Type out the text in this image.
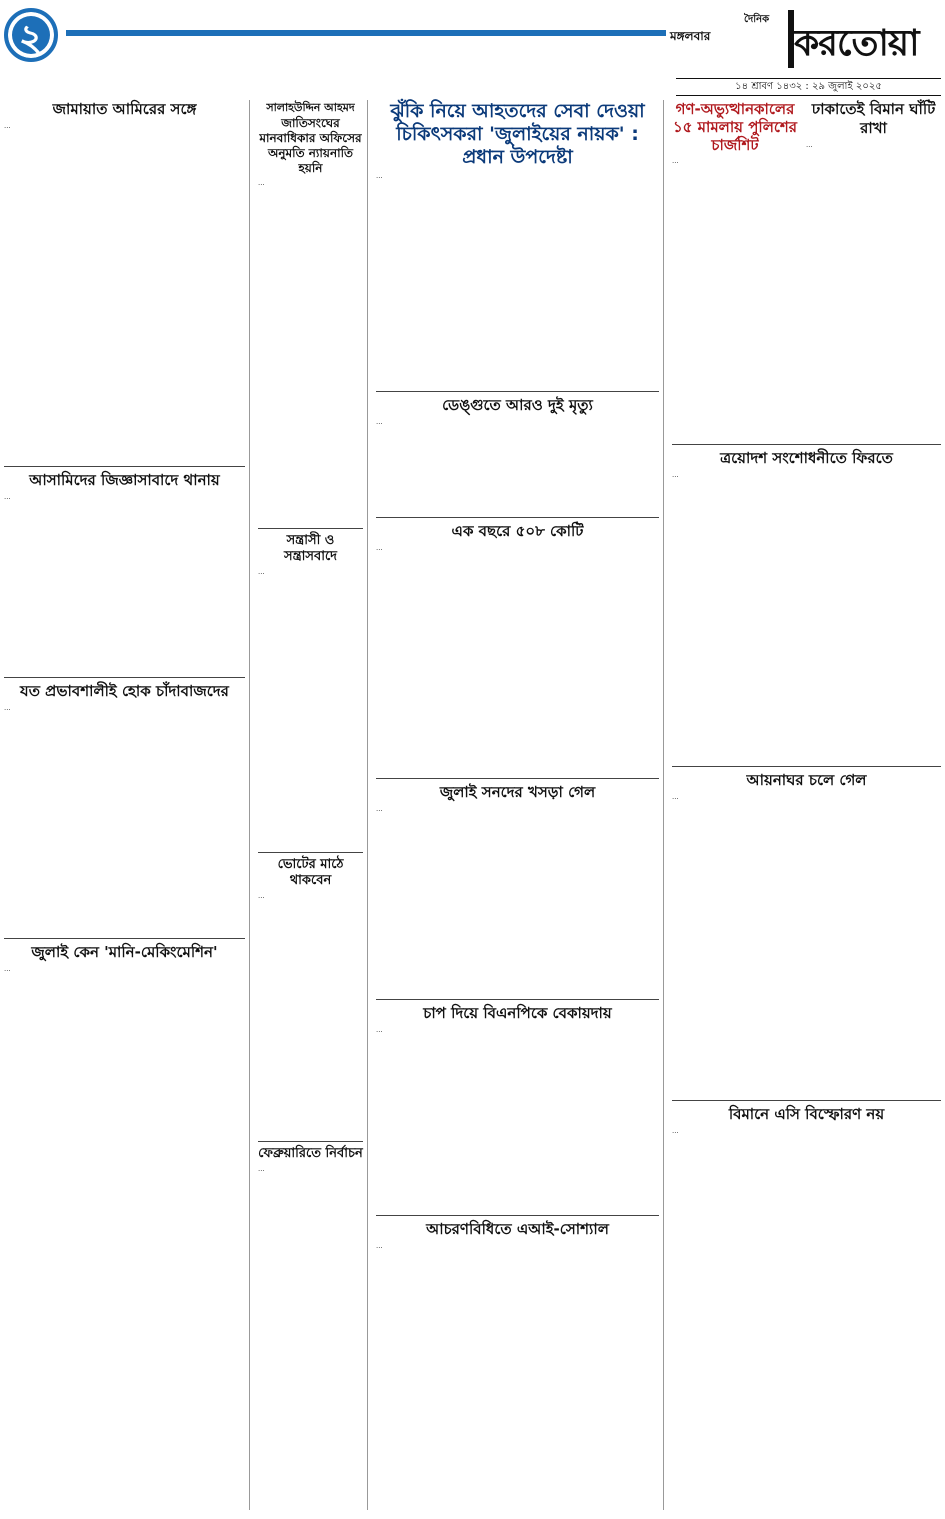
২	মঙ্গলবার
দৈনিক
করতোয়া
১৪ শ্রাবণ ১৪৩২ : ২৯ জুলাই ২০২৫
জামায়াত আমিরের সঙ্গে
…
আসামিদের জিজ্ঞাসাবাদে থানায়
…
যত প্রভাবশালীই হোক চাঁদাবাজদের
…
জুলাই কেন 'মানি-মেকিংমেশিন'
…
সালাহউদ্দিন আহমদ
জাতিসংঘের মানবাধিকার অফিসের অনুমতি ন্যায়নাতি হয়নি
…
সন্ত্রাসী ও সন্ত্রাসবাদে
…
ভোটের মাঠে থাকবেন
…
ফেব্রুয়ারিতে নির্বাচন
…
ঝুঁকি নিয়ে আহতদের সেবা দেওয়া চিকিৎসকরা 'জুলাইয়ের নায়ক' : প্রধান উপদেষ্টা
…
ডেঙ্গুতে আরও দুই মৃত্যু
…
এক বছরে ৫০৮ কোটি
…
জুলাই সনদের খসড়া গেল
…
চাপ দিয়ে বিএনপিকে বেকায়দায়
…
আচরণবিধিতে এআই-সোশ্যাল
…
গণ-অভ্যুত্থানকালের ১৫ মামলায় পুলিশের চার্জশিট
…
ঢাকাতেই বিমান ঘাঁটি রাখা
…
ত্রয়োদশ সংশোধনীতে ফিরতে
…
আয়নাঘর চলে গেল
…
বিমানে এসি বিস্ফোরণ নয়
…
